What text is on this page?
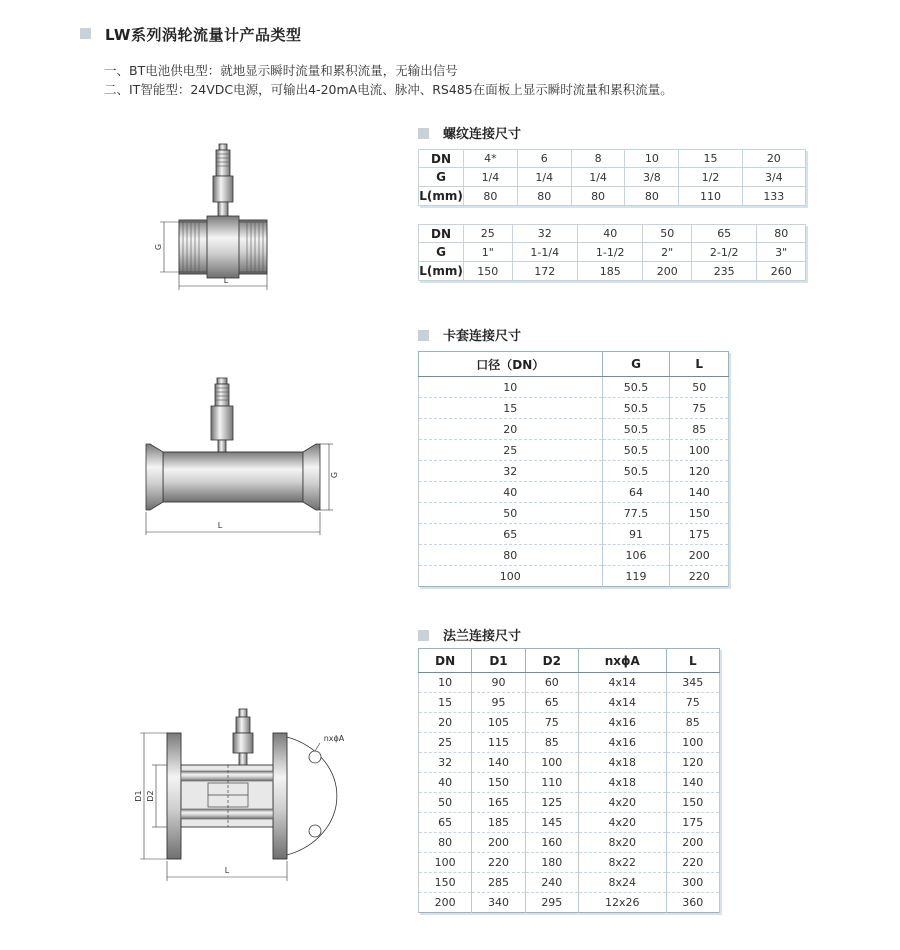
LW系列涡轮流量计产品类型
一、BT电池供电型：就地显示瞬时流量和累积流量，无输出信号
二、IT智能型：24VDC电源，可输出4-20mA电流、脉冲、RS485在面板上显示瞬时流量和累积流量。
螺纹连接尺寸
DN	4*	6	8	10	15	20
G	1/4	1/4	1/4	3/8	1/2	3/4
L(mm)	80	80	80	80	110	133
DN	25	32	40	50	65	80
G	1"	1-1/4	1-1/2	2"	2-1/2	3"
L(mm)	150	172	185	200	235	260
卡套连接尺寸
口径（DN）	G	L
10	50.5	50
15	50.5	75
20	50.5	85
25	50.5	100
32	50.5	120
40	64	140
50	77.5	150
65	91	175
80	106	200
100	119	220
法兰连接尺寸
DN	D1	D2	nxϕA	L
10	90	60	4x14	345
15	95	65	4x14	75
20	105	75	4x16	85
25	115	85	4x16	100
32	140	100	4x18	120
40	150	110	4x18	140
50	165	125	4x20	150
65	185	145	4x20	175
80	200	160	8x20	200
100	220	180	8x22	220
150	285	240	8x24	300
200	340	295	12x26	360
G
L
G
L
nxϕA
D1 D2
L
